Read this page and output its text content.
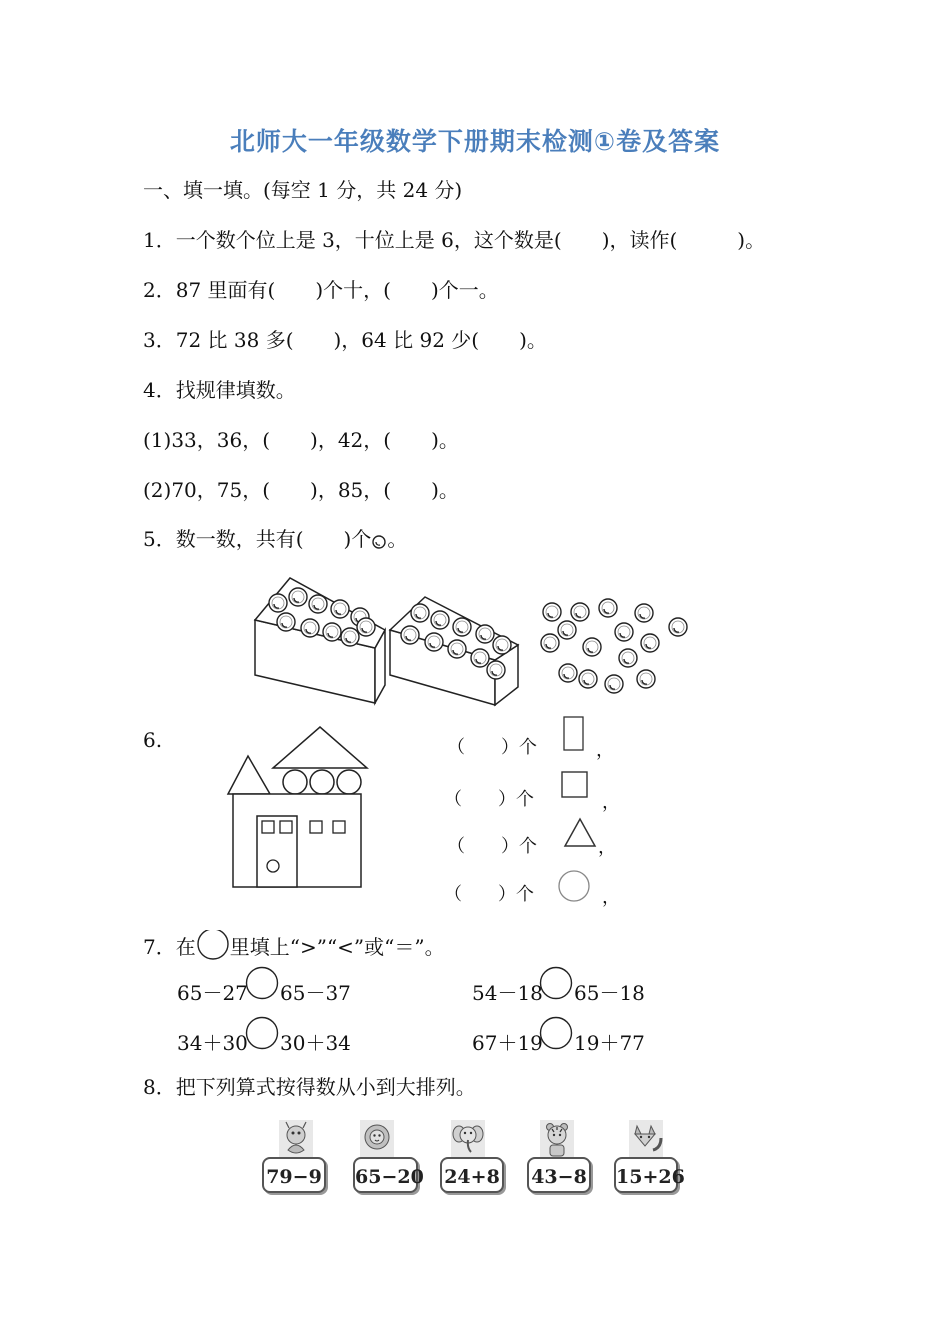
北师大一年级数学下册期末检测①卷及答案
一、填一填。(每空 1 分，共 24 分)
1．一个数个位上是 3，十位上是 6，这个数是(　　)，读作(　　　)。
2．87 里面有(　　)个十，(　　)个一。
3．72 比 38 多(　　)，64 比 92 少(　　)。
4．找规律填数。
(1)33，36，(　　)，42，(　　)。
(2)70，75，(　　)，85，(　　)。
5．数一数，共有(　　)个 。
6.	（　　）个	，
（　　）个	，
（　　）个	，
（　　）个	，
7．在 里填上“>”“<”或“＝”。
65－27 65－37	54－18 65－18
34＋30 30＋34	67＋19 19＋77
8．把下列算式按得数从小到大排列。
79−9 65−20 24+8 43−8 15+26
